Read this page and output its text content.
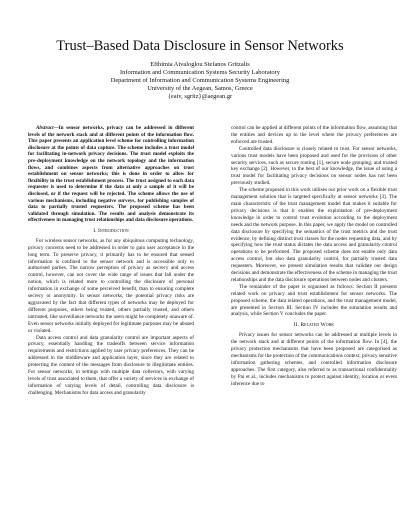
Trust–Based Data Disclosure in Sensor Networks
Efthimia Aivaloglou Stefanos Gritzalis
Information and Communication Systems Security Laboratory
Department of Information and Communication Systems Engineering
University of the Aegean, Samos, Greece
{eaiv, sgritz}@aegean.gr

Abstract—In sensor networks, privacy can be addressed in different levels of the network stack and at different points of the information flow. This paper presents an application level scheme for controlling information disclosure at the points of data capture. The scheme includes a trust model for facilitating in-network privacy decisions. The trust model exploits the pre-deployment knowledge on the network topology and the information flows, and combines aspects from alternative approaches on trust establishment on sensor networks; this is done in order to allow for flexibility in the trust establishment process. The trust assigned to each data requester is used to determine if the data at only a sample of it will be disclosed, or if the request will be rejected. The scheme allows the use of various mechanisms, including negative surveys, for publishing samples of data to partially trusted requesters. The proposed scheme has been validated through simulation. The results and analysis demonstrate its effectiveness in managing trust relationships and data disclosure operations.

I. Introduction

For wireless sensor networks, as for any ubiquitous computing technology, privacy concerns need to be addressed in order to gain user acceptance in the long term. To preserve privacy, it primarily has to be ensured that sensed information is confined to the sensor network and is accessible only to authorised parties. The narrow perception of privacy as secrecy and access control, however, can not cover the wide range of issues that fall under the notion, which is related more to controlling the disclosure of personal information in exchange of some perceived benefit, than to ensuring complete secrecy or anonymity. In sensor networks, the potential privacy risks are aggravated by the fact that different types of networks may be deployed for different purposes, others being trusted, others partially trusted, and others untrusted, like surveillance networks the users might be completely unaware of. Even sensor networks initially deployed for legitimate purposes may be abused or violated.

Data access control and data granularity control are important aspects of privacy, essentially handling the tradeoffs between service information requirements and restrictions applied by user privacy preferences. They can be addressed in the middleware and application layer, since they are related to protecting the content of the messages from disclosure to illegitimate entities. For sensor networks, in settings with multiple data collectors, with varying levels of trust associated to them, that offer a variety of services in exchange of information of varying levels of detail, controlling data disclosure is challenging. Mechanisms for data access and granularity

control can be applied at different points of the information flow, assuming that the entities and devices up to the level where the privacy preferences are enforced are trusted.

Controlled data disclosure is closely related to trust. For sensor networks, various trust models have been proposed and used for the provision of other security services, such as secure routing [1], secure node grouping, and trusted key exchange [2]. However, to the best of our knowledge, the issue of using a trust model for facilitating privacy decisions on sensor nodes has not been previously studied.

The scheme proposed in this work utilises our prior work on a flexible trust management solution that is targeted specifically at sensor networks [3]. The main characteristic of the trust management model that makes it suitable for privacy decisions is that it enables the exploitation of pre-deployment knowledge in order to control trust evolution according to the deployment needs and the network purpose. In this paper, we apply the model on controlled data disclosure by specifying the semantics of the trust metrics and the trust evidence, by defining distinct trust classes for the nodes requesting data, and by specifying how the trust status dictates the data access and granularity control operations to be performed. The proposed scheme does not enable only data access control, but also data granularity control, for partially trusted data requesters. Moreover, we present simulation results that validate our design decisions and demonstrate the effectiveness of the scheme in managing the trust relationships and the data disclosure operations between nodes and clusters.

The remainder of the paper is organised as follows: Section II presents related work on privacy and trust establishment for sensor networks. The proposed scheme, the data related operations, and the trust management model, are presented in Section III. Section IV includes the simulation results and analysis, while Section V concludes the paper.

II. Related Work

Privacy issues for sensor networks can be addressed at multiple levels in the network stack and at different points of the information flow. In [4], the privacy protection mechanisms that have been proposed are categorised as mechanisms for the protection of the communications context, privacy sensitive information gathering schemes, and controlled information disclosure approaches. The first category, also referred to as transactional confidentiality by Pai et al., includes mechanisms to protect against identity, location or event inference due to
